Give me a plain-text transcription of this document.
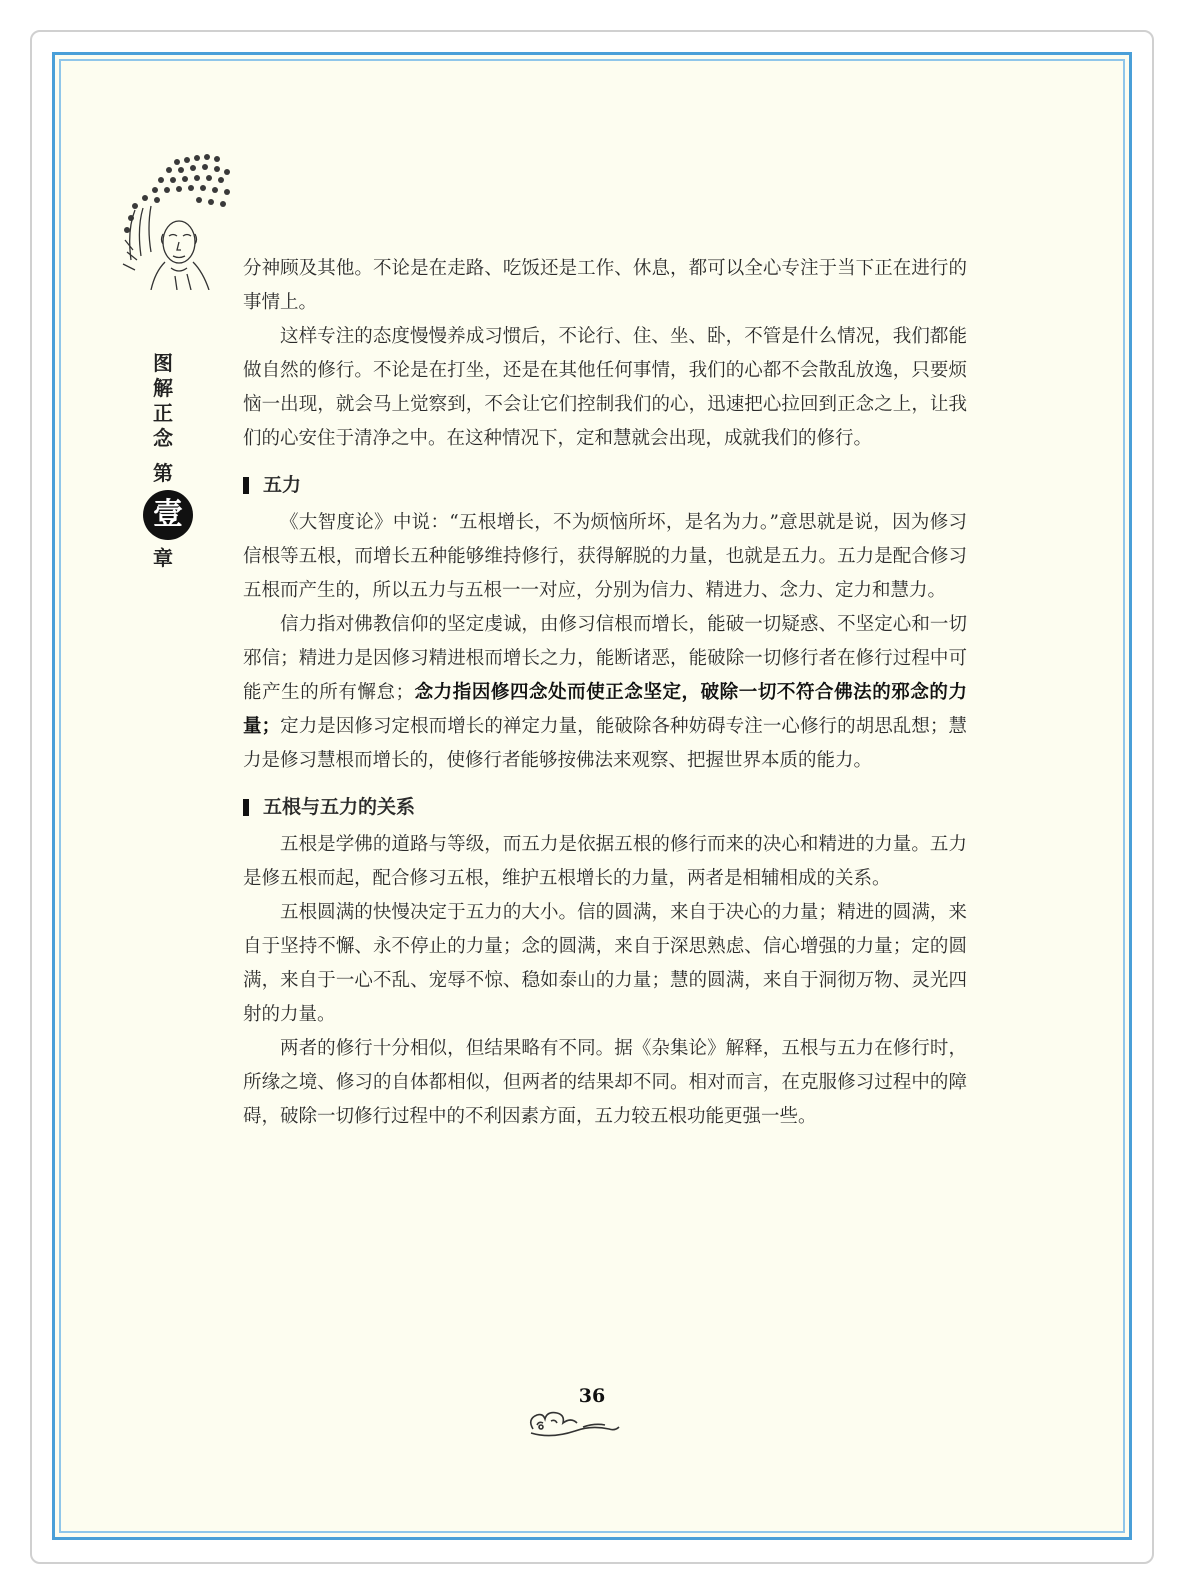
图
解
正
念
第
壹
章

分神顾及其他。不论是在走路、吃饭还是工作、休息，都可以全心专注于当下正在进行的事情上。

这样专注的态度慢慢养成习惯后，不论行、住、坐、卧，不管是什么情况，我们都能做自然的修行。不论是在打坐，还是在其他任何事情，我们的心都不会散乱放逸，只要烦恼一出现，就会马上觉察到，不会让它们控制我们的心，迅速把心拉回到正念之上，让我们的心安住于清净之中。在这种情况下，定和慧就会出现，成就我们的修行。

五力

《大智度论》中说：“五根增长，不为烦恼所坏，是名为力。”意思就是说，因为修习信根等五根，而增长五种能够维持修行，获得解脱的力量，也就是五力。五力是配合修习五根而产生的，所以五力与五根一一对应，分别为信力、精进力、念力、定力和慧力。

信力指对佛教信仰的坚定虔诚，由修习信根而增长，能破一切疑惑、不坚定心和一切邪信；精进力是因修习精进根而增长之力，能断诸恶，能破除一切修行者在修行过程中可能产生的所有懈怠；念力指因修四念处而使正念坚定，破除一切不符合佛法的邪念的力量；定力是因修习定根而增长的禅定力量，能破除各种妨碍专注一心修行的胡思乱想；慧力是修习慧根而增长的，使修行者能够按佛法来观察、把握世界本质的能力。

五根与五力的关系

五根是学佛的道路与等级，而五力是依据五根的修行而来的决心和精进的力量。五力是修五根而起，配合修习五根，维护五根增长的力量，两者是相辅相成的关系。

五根圆满的快慢决定于五力的大小。信的圆满，来自于决心的力量；精进的圆满，来自于坚持不懈、永不停止的力量；念的圆满，来自于深思熟虑、信心增强的力量；定的圆满，来自于一心不乱、宠辱不惊、稳如泰山的力量；慧的圆满，来自于洞彻万物、灵光四射的力量。

两者的修行十分相似，但结果略有不同。据《杂集论》解释，五根与五力在修行时，所缘之境、修习的自体都相似，但两者的结果却不同。相对而言，在克服修习过程中的障碍，破除一切修行过程中的不利因素方面，五力较五根功能更强一些。

36
